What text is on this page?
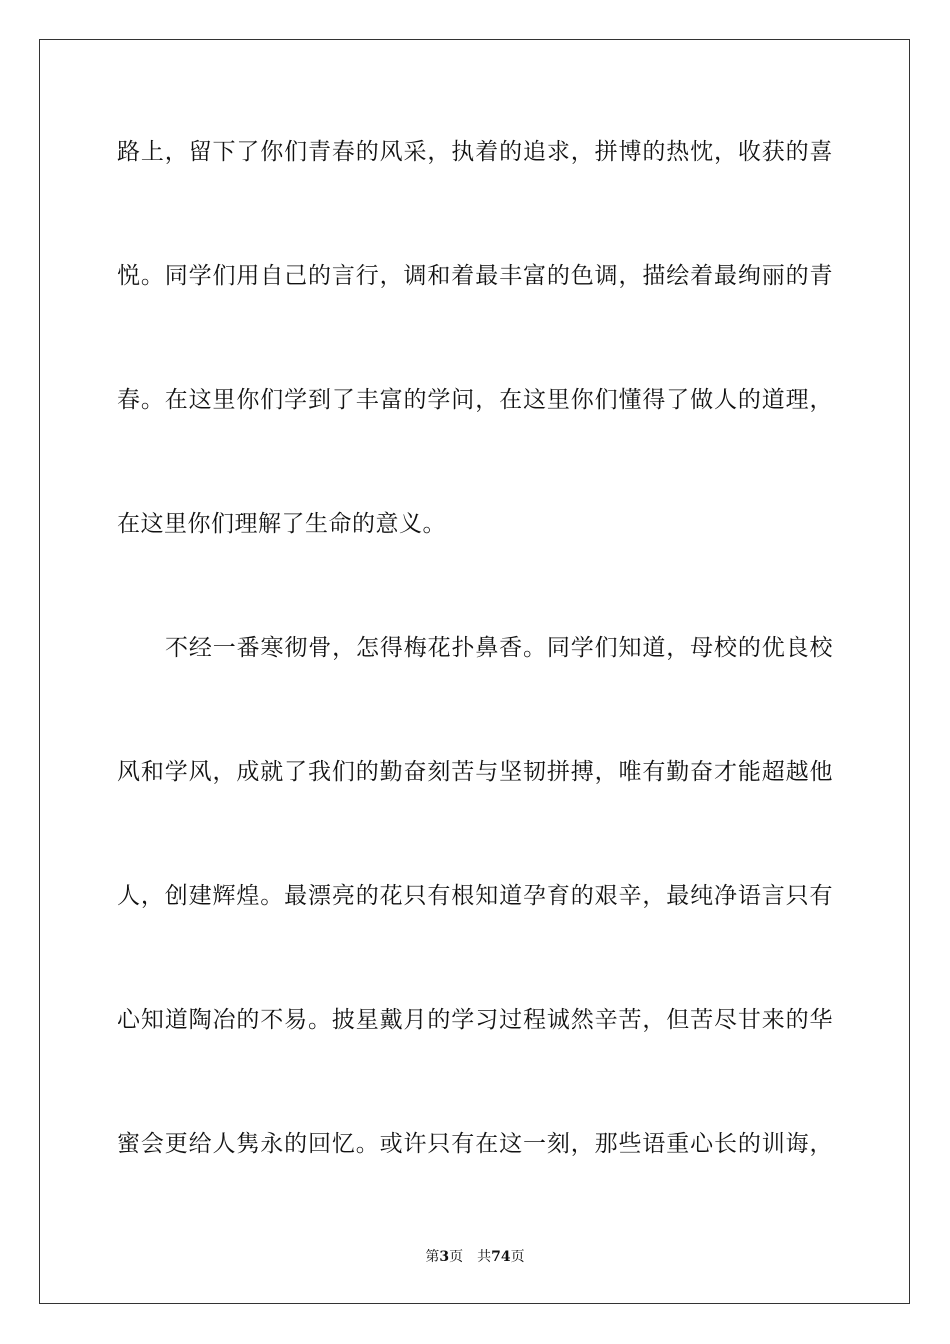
路上，留下了你们青春的风采，执着的追求，拼博的热忱，收获的喜
悦。同学们用自己的言行，调和着最丰富的色调，描绘着最绚丽的青
春。在这里你们学到了丰富的学问，在这里你们懂得了做人的道理，
在这里你们理解了生命的意义。
不经一番寒彻骨，怎得梅花扑鼻香。同学们知道，母校的优良校
风和学风，成就了我们的勤奋刻苦与坚韧拼搏，唯有勤奋才能超越他
人，创建辉煌。最漂亮的花只有根知道孕育的艰辛，最纯净语言只有
心知道陶冶的不易。披星戴月的学习过程诚然辛苦，但苦尽甘来的华
蜜会更给人隽永的回忆。或许只有在这一刻，那些语重心长的训诲，
第3页 共74页
